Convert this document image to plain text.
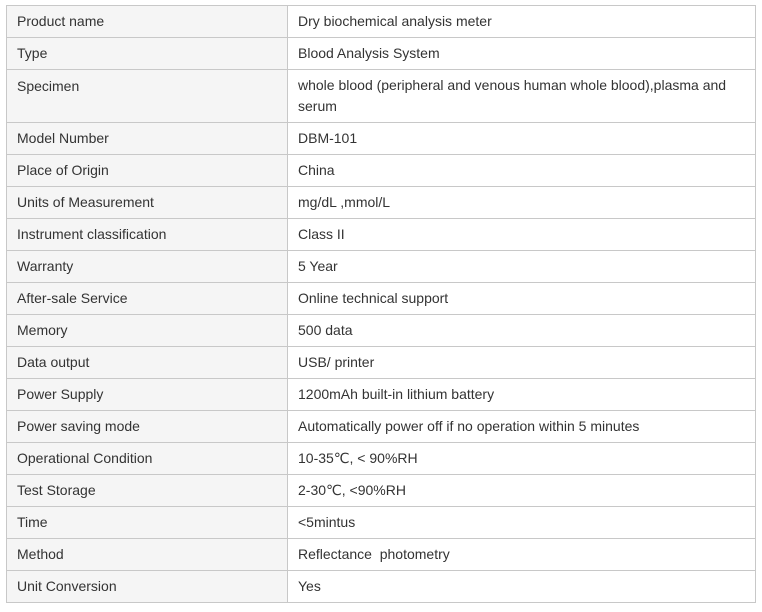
Product name	Dry biochemical analysis meter
Type	Blood Analysis System
Specimen	whole blood (peripheral and venous human whole blood),plasma and serum
Model Number	DBM-101
Place of Origin	China
Units of Measurement	mg/dL ,mmol/L
Instrument classification	Class II
Warranty	5 Year
After-sale Service	Online technical support
Memory	500 data
Data output	USB/ printer
Power Supply	1200mAh built-in lithium battery
Power saving mode	Automatically power off if no operation within 5 minutes
Operational Condition	10-35℃, < 90%RH
Test Storage	2-30℃, <90%RH
Time	<5mintus
Method	Reflectance  photometry
Unit Conversion	Yes
